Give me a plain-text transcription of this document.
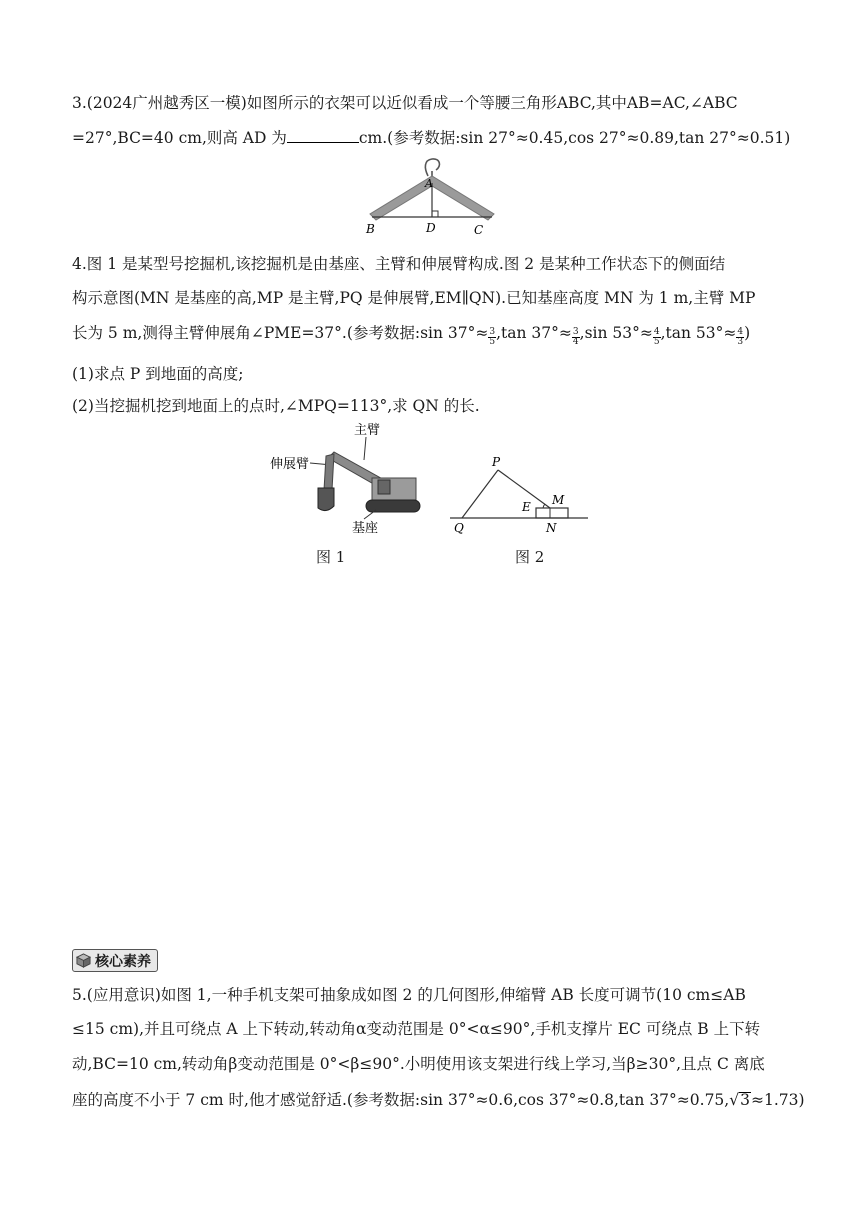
3.(2024广州越秀区一模)如图所示的衣架可以近似看成一个等腰三角形ABC,其中AB=AC,∠ABC
=27°,BC=40 cm,则高 AD 为	cm.(参考数据:sin 27°≈0.45,cos 27°≈0.89,tan 27°≈0.51)
A
B	D	C
4.图 1 是某型号挖掘机,该挖掘机是由基座、主臂和伸展臂构成.图 2 是某种工作状态下的侧面结
构示意图(MN 是基座的高,MP 是主臂,PQ 是伸展臂,EM∥QN).已知基座高度 MN 为 1 m,主臂 MP
长为 5 m,测得主臂伸展角∠PME=37°.(参考数据:sin $37^\circ\approx \frac{3}{5} ,\tan$ $37^\circ\approx \frac{3}{4} ,\sin$ $53^\circ\approx \frac{4}{5} ,\tan$ $53^\circ\approx \frac{4}{3}$ )
(1)求点 P 到地面的高度;
(2)当挖掘机挖到地面上的点时,∠MPQ=113°,求 QN 的长.
主臂
伸展臂
基座
P
E M
Q	N
图 1	图 2
核心素养
5.(应用意识)如图 1,一种手机支架可抽象成如图 2 的几何图形,伸缩臂 AB 长度可调节(10 cm≤AB
≤15 cm),并且可绕点 A 上下转动,转动角α变动范围是 0°<α≤90°,手机支撑片 EC 可绕点 B 上下转
动,BC=10 cm,转动角β变动范围是 0°<β≤90°.小明使用该支架进行线上学习,当β≥30°,且点 C 离底
座的高度不小于 7 cm 时,他才感觉舒适.(参考数据:sin 37°≈0.6,cos 37°≈0.8,tan 37°≈0.75,√3≈1.73)
